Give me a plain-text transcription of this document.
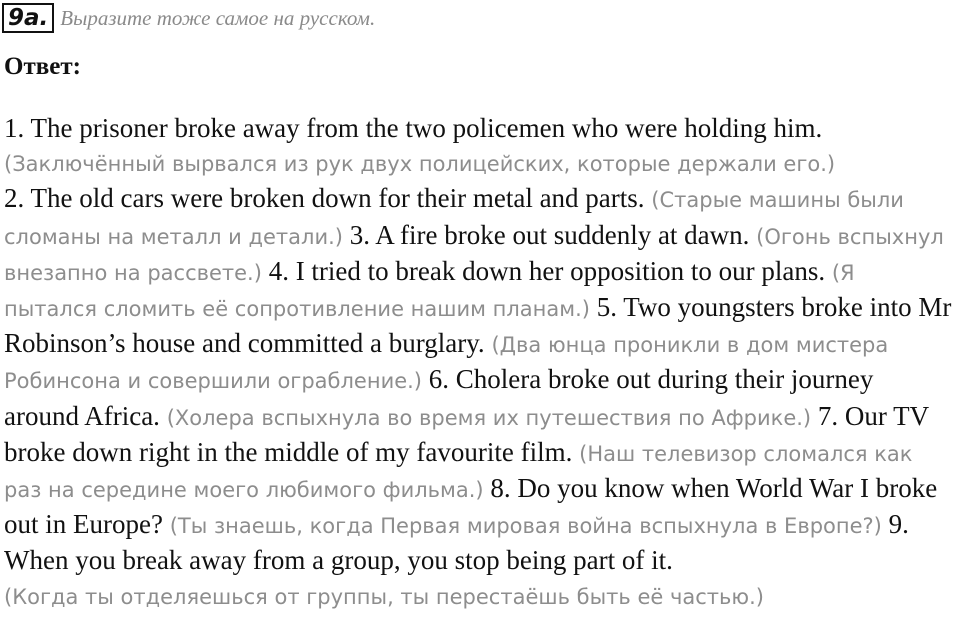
9a. Выразите тоже самое на русском.
Ответ:

1. The prisoner broke away from the two policemen who were holding him.
(Заключённый вырвался из рук двух полицейских, которые держали его.)
2. The old cars were broken down for their metal and parts. (Старые машины были сломаны на металл и детали.) 3. A fire broke out suddenly at dawn. (Огонь вспыхнул внезапно на рассвете.) 4. I tried to break down her opposition to our plans. (Я пытался сломить её сопротивление нашим планам.) 5. Two youngsters broke into Mr Robinson’s house and committed a burglary. (Два юнца проникли в дом мистера Робинсона и совершили ограбление.) 6. Cholera broke out during their journey around Africa. (Холера вспыхнула во время их путешествия по Африке.) 7. Our TV broke down right in the middle of my favourite film. (Наш телевизор сломался как раз на середине моего любимого фильма.) 8. Do you know when World War I broke out in Europe? (Ты знаешь, когда Первая мировая война вспыхнула в Европе?) 9. When you break away from a group, you stop being part of it.
(Когда ты отделяешься от группы, ты перестаёшь быть её частью.)
